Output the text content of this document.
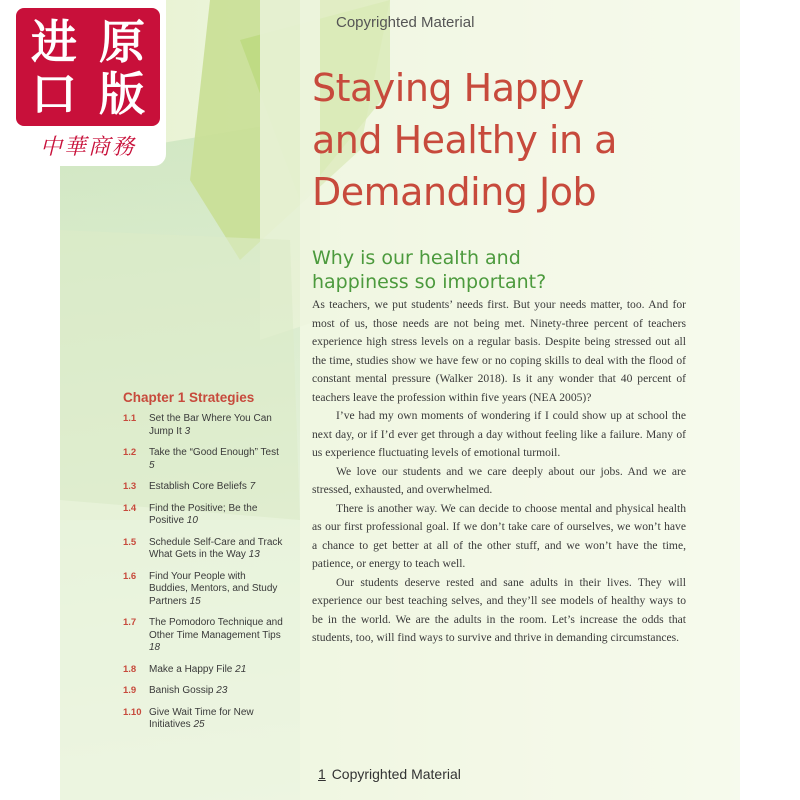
进 原
口 版
中華商務
Copyrighted Material
Staying Happy
and Healthy in a
Demanding Job
Why is our health and
happiness so important?

As teachers, we put students’ needs first. But your needs matter, too. And for most of us, those needs are not being met. Ninety-three percent of teachers experience high stress levels on a regular basis. Despite being stressed out all the time, studies show we have few or no coping skills to deal with the flood of constant mental pressure (Walker 2018). Is it any wonder that 40 percent of teachers leave the profession within five years (NEA 2005)?

I’ve had my own moments of wondering if I could show up at school the next day, or if I’d ever get through a day without feeling like a failure. Many of us experience fluctuating levels of emotional turmoil.

We love our students and we care deeply about our jobs. And we are stressed, exhausted, and overwhelmed.

There is another way. We can decide to choose mental and physical health as our first professional goal. If we don’t take care of ourselves, we won’t have a chance to get better at all of the other stuff, and we won’t have the time, patience, or energy to teach well.

Our students deserve rested and sane adults in their lives. They will experience our best teaching selves, and they’ll see models of healthy ways to be in the world. We are the adults in the room. Let’s increase the odds that students, too, will find ways to survive and thrive in demanding circumstances.

Chapter 1 Strategies
1.1	Set the Bar Where You Can Jump It 3
1.2	Take the “Good Enough” Test 5
1.3	Establish Core Beliefs 7
1.4	Find the Positive; Be the Positive 10
1.5	Schedule Self-Care and Track What Gets in the Way 13
1.6	Find Your People with Buddies, Mentors, and Study Partners 15
1.7	The Pomodoro Technique and Other Time Management Tips 18
1.8	Make a Happy File 21
1.9	Banish Gossip 23
1.10 Give Wait Time for New Initiatives 25
1 Copyrighted Material
